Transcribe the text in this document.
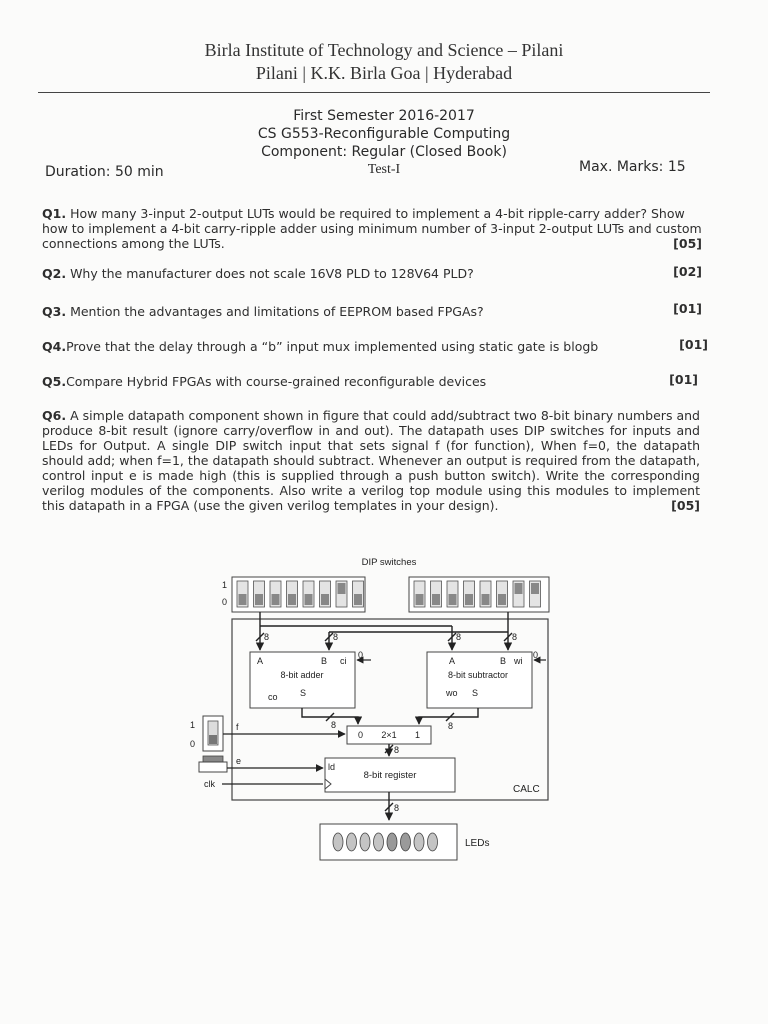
Birla Institute of Technology and Science – Pilani
Pilani | K.K. Birla Goa | Hyderabad
First Semester 2016-2017
CS G553-Reconfigurable Computing
Component: Regular (Closed Book)
Test-I
Duration: 50 min	Max. Marks: 15
Q1. How many 3-input 2-output LUTs would be required to implement a 4-bit ripple-carry adder? Show how to implement a 4-bit carry-ripple adder using minimum number of 3-input 2-output LUTs and custom connections among the LUTs.	[05]
Q2. Why the manufacturer does not scale 16V8 PLD to 128V64 PLD?	[02]
Q3. Mention the advantages and limitations of EEPROM based FPGAs?	[01]
Q4.Prove that the delay through a “b” input mux implemented using static gate is blogb	[01]
Q5.Compare Hybrid FPGAs with course-grained reconfigurable devices	[01]
Q6. A simple datapath component shown in figure that could add/subtract two 8-bit binary numbers and produce 8-bit result (ignore carry/overflow in and out). The datapath uses DIP switches for inputs and LEDs for Output. A single DIP switch input that sets signal f (for function), When f=0, the datapath should add; when f=1, the datapath should subtract. Whenever an output is required from the datapath, control input e is made high (this is supplied through a push button switch). Write the corresponding verilog modules of the components. Also write a verilog top module using this modules to implement this datapath in a FPGA (use the given verilog templates in your design).	[05]
DIP switches
1
0
CALC
8	8	8	8
A	B ci
8-bit adder
co S
0
A	B wi
8-bit subtractor
wo S
0
0 2×1 1
8	8
8
1
0
f
e
clk
ld
8-bit register
8
LEDs
